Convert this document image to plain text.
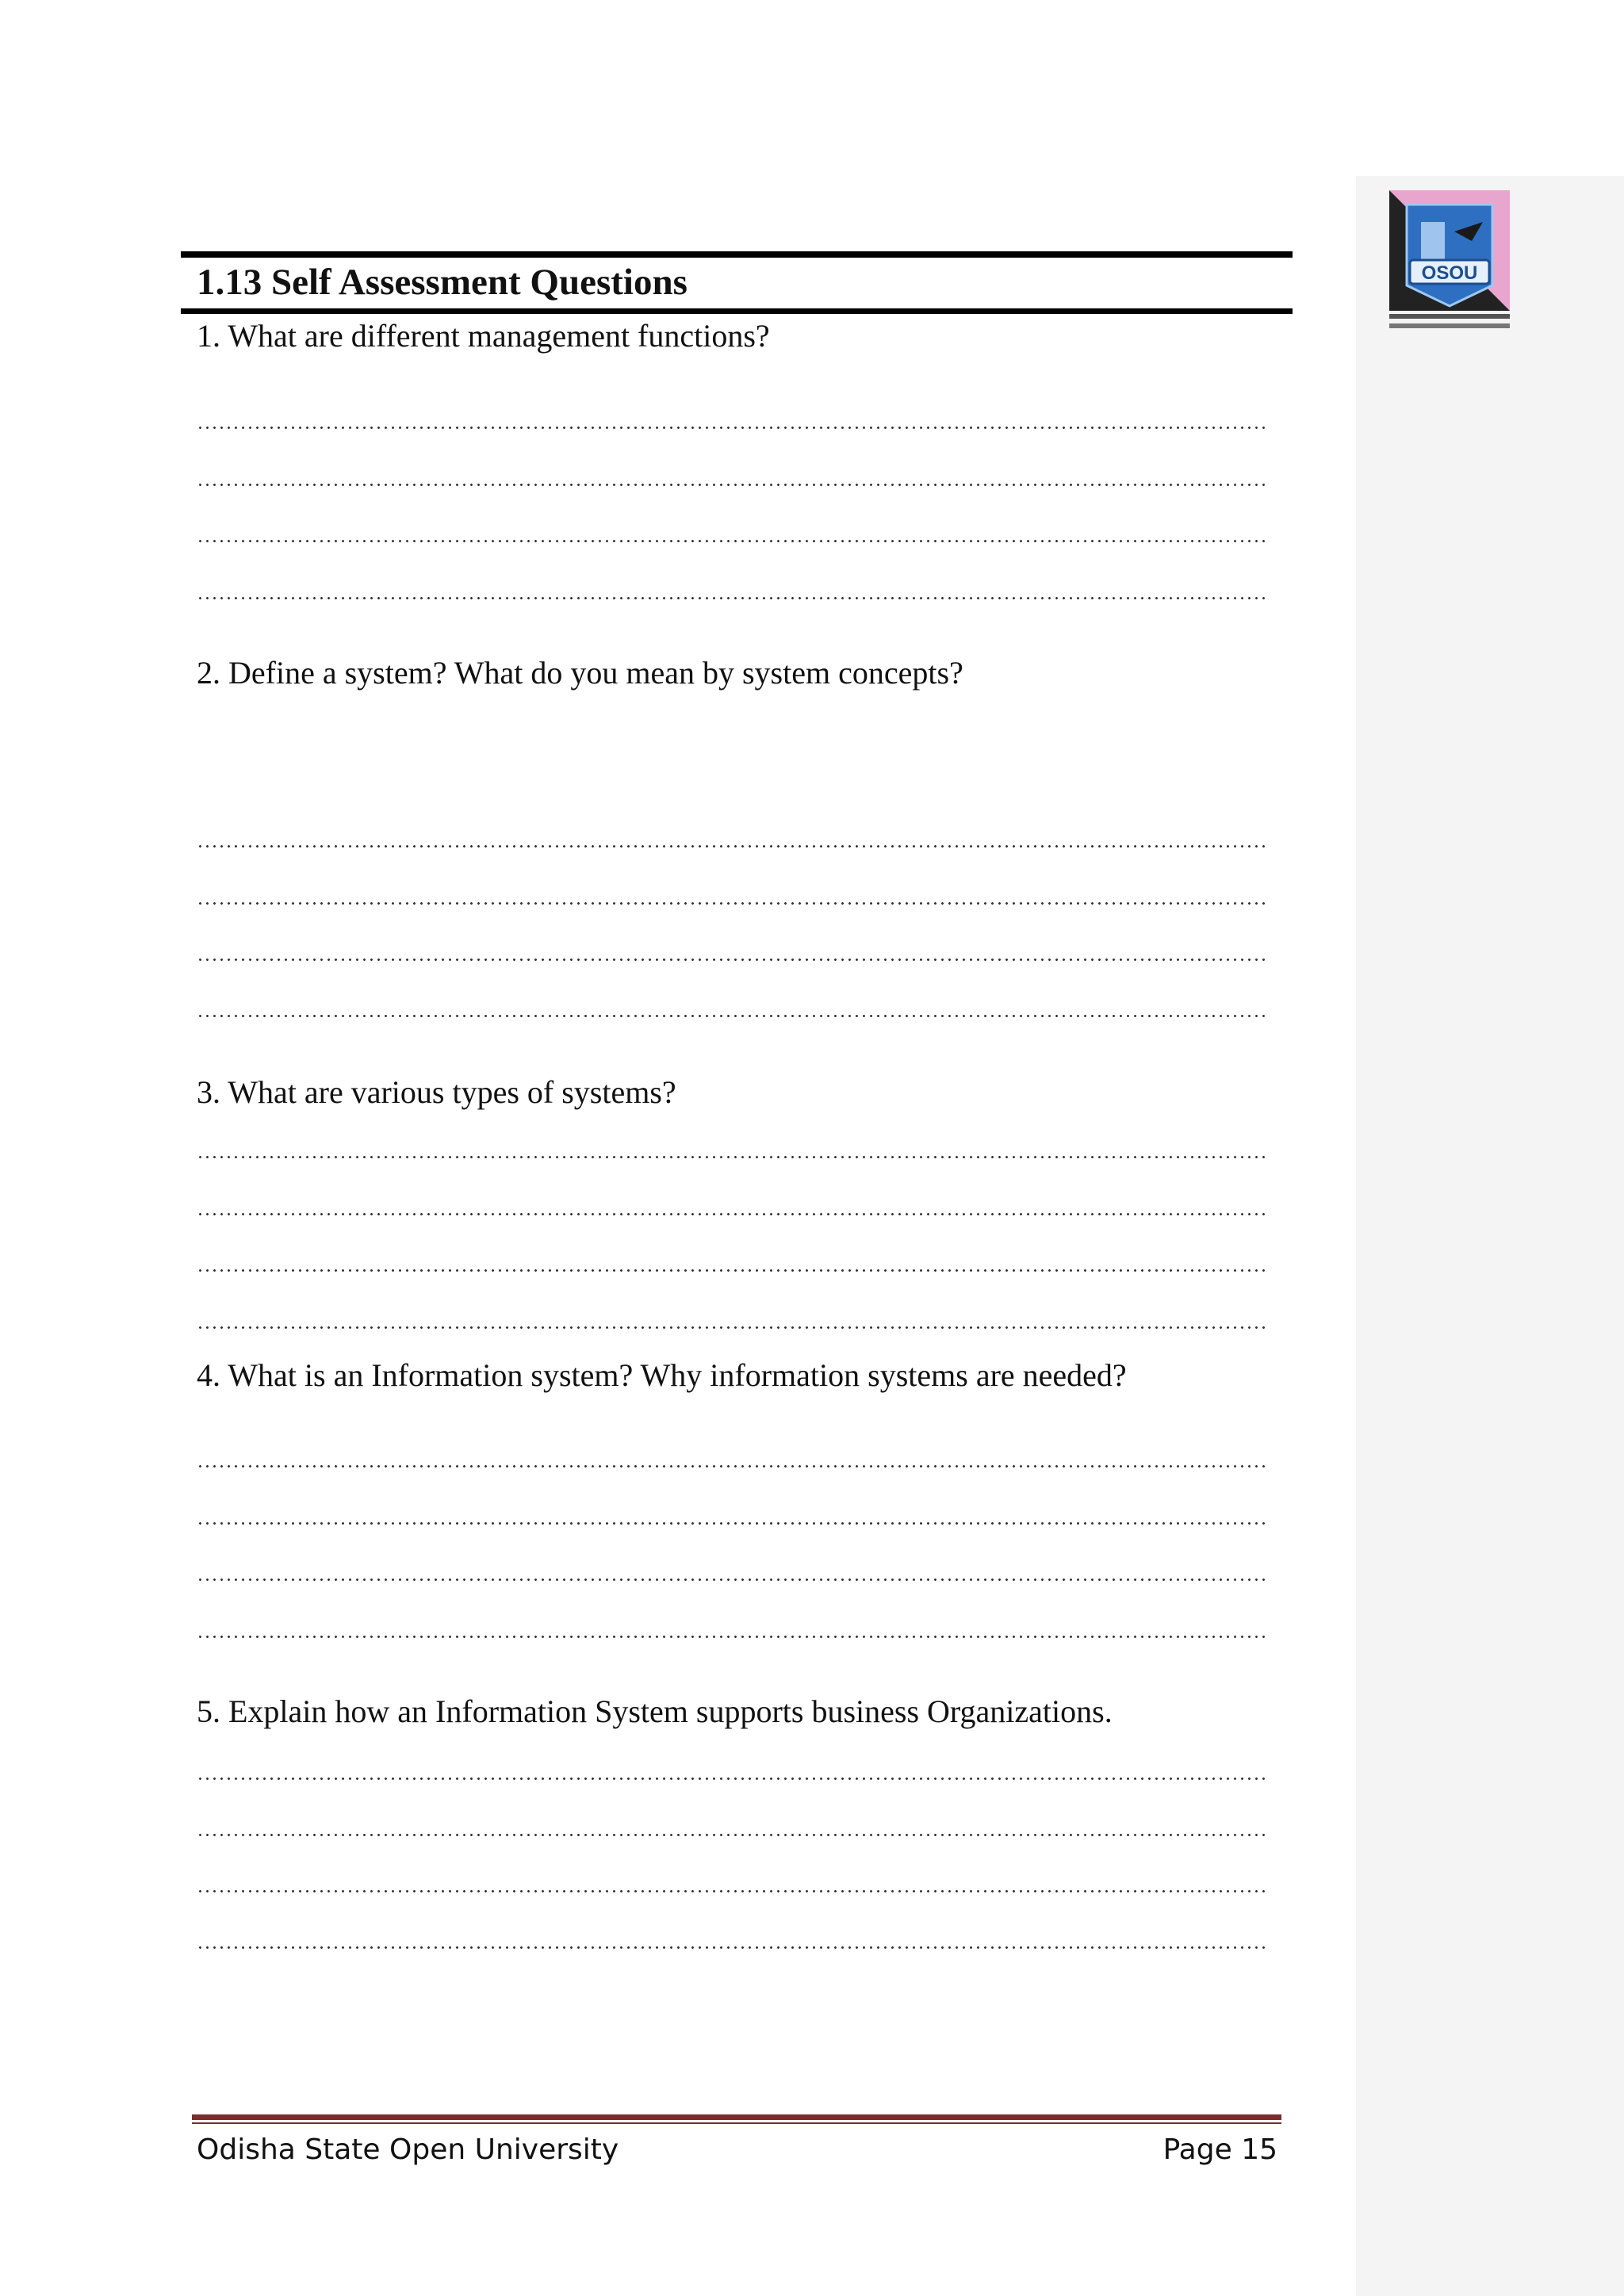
OSOU
1.13 Self Assessment Questions

1. What are different management functions?

2. Define a system? What do you mean by system concepts?

3. What are various types of systems?

4. What is an Information system? Why information systems are needed?

5. Explain how an Information System supports business Organizations.

Odisha State Open University	Page 15
